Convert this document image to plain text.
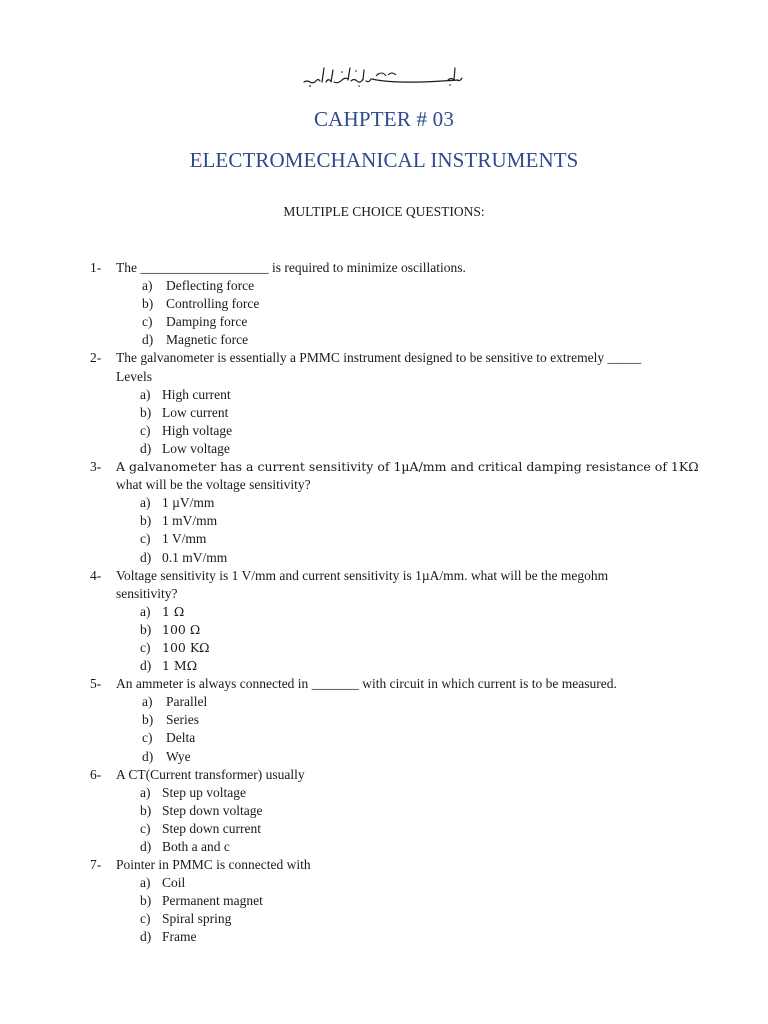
CAHPTER # 03
ELECTROMECHANICAL INSTRUMENTS
MULTIPLE CHOICE QUESTIONS:
1- The ___________________ is required to minimize oscillations.
a) Deflecting force
b) Controlling force
c) Damping force
d) Magnetic force
2- The galvanometer is essentially a PMMC instrument designed to be sensitive to extremely _____
Levels
a) High current
b) Low current
c) High voltage
d) Low voltage
3- A galvanometer has a current sensitivity of 1µA/mm and critical damping resistance of 1KΩ
what will be the voltage sensitivity?
a) 1 µV/mm
b) 1 mV/mm
c) 1 V/mm
d) 0.1 mV/mm
4- Voltage sensitivity is 1 V/mm and current sensitivity is 1µA/mm. what will be the megohm
sensitivity?
a) 1 Ω
b) 100 Ω
c) 100 KΩ
d) 1 MΩ
5- An ammeter is always connected in _______ with circuit in which current is to be measured.
a) Parallel
b) Series
c) Delta
d) Wye
6- A CT(Current transformer) usually
a) Step up voltage
b) Step down voltage
c) Step down current
d) Both a and c
7- Pointer in PMMC is connected with
a) Coil
b) Permanent magnet
c) Spiral spring
d) Frame
